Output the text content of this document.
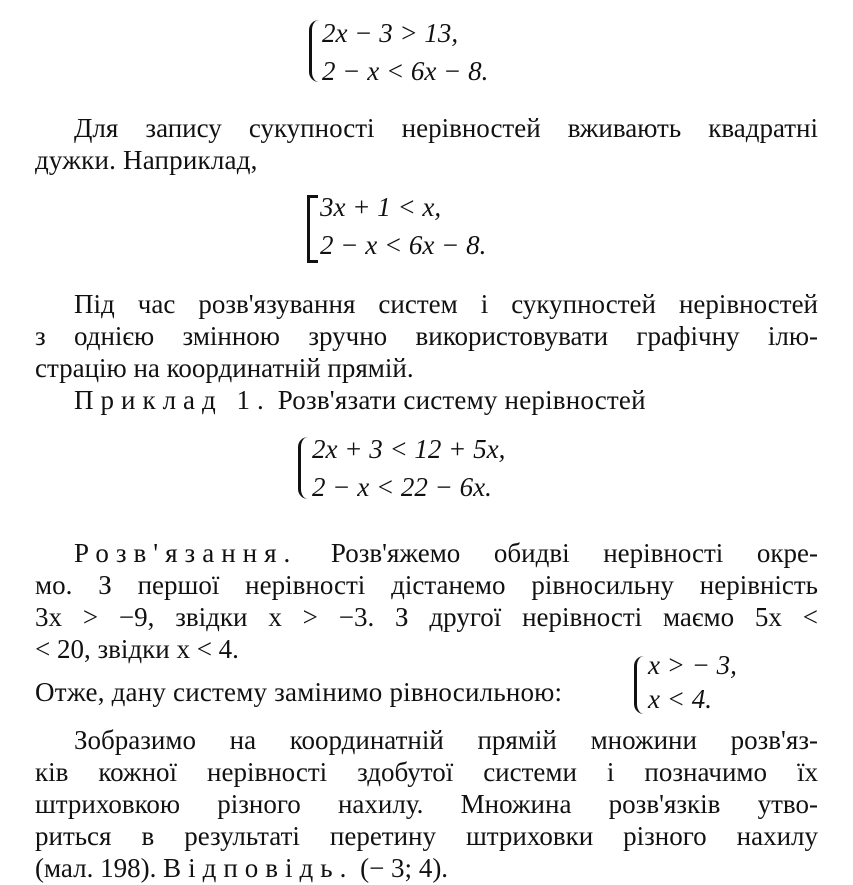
2x − 3 > 13,
2 − x < 6x − 8.
Для запису сукупності нерівностей вживають квадратні
дужки. Наприклад,
3x + 1 < x,
2 − x < 6x − 8.
Під час розв'язування систем і сукупностей нерівностей
з однією змінною зручно використовувати графічну ілю-
страцію на координатній прямій.
Приклад 1. Розв'язати систему нерівностей
2x + 3 < 12 + 5x,
2 − x < 22 − 6x.
Розв'язання. Розв'яжемо обидві нерівності окре-
мо. З першої нерівності дістанемо рівносильну нерівність
3x > −9, звідки x > −3. З другої нерівності маємо 5x <
< 20, звідки x < 4.
Отже, дану систему замінимо рівносильною:
x > − 3,
x < 4.
Зобразимо на координатній прямій множини розв'яз-
ків кожної нерівності здобутої системи і позначимо їх
штриховкою різного нахилу. Множина розв'язків утво-
риться в результаті перетину штриховки різного нахилу
(мал. 198). Відповідь. (− 3; 4).
